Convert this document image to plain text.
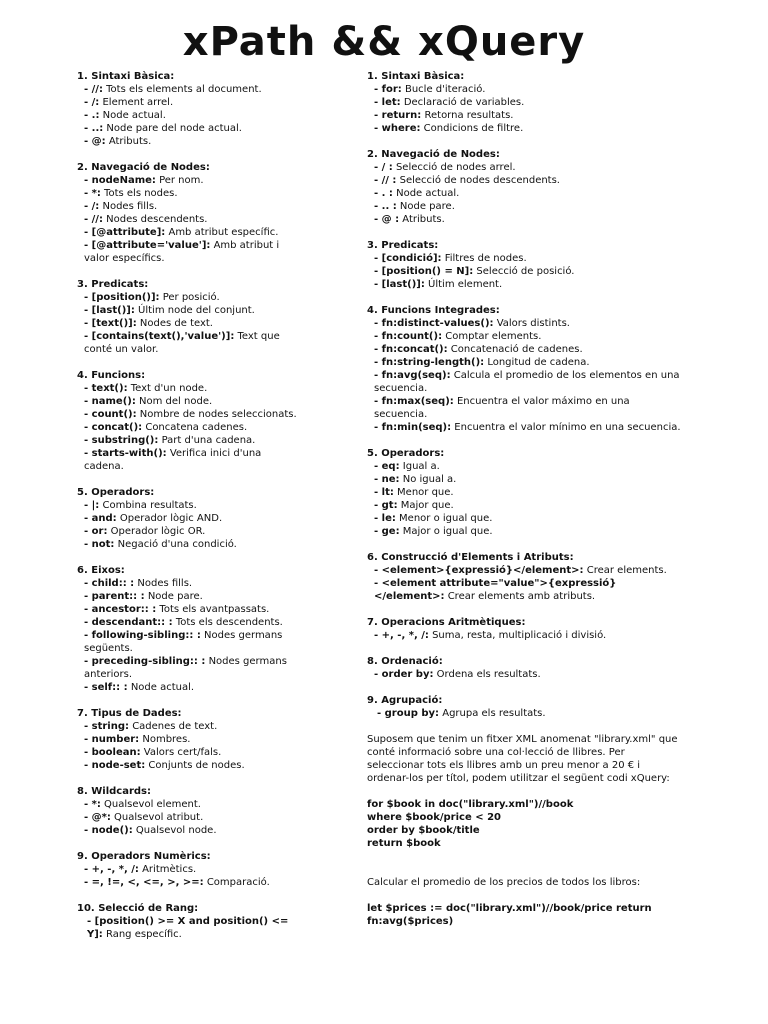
xPath && xQuery
1. Sintaxi Bàsica:
- //: Tots els elements al document.
- /: Element arrel.
- .: Node actual.
- ..: Node pare del node actual.
- @: Atributs.
2. Navegació de Nodes:
- nodeName: Per nom.
- *: Tots els nodes.
- /: Nodes fills.
- //: Nodes descendents.
- [@attribute]: Amb atribut específic.
- [@attribute='value']: Amb atribut i valor específics.
3. Predicats:
- [position()]: Per posició.
- [last()]: Últim node del conjunt.
- [text()]: Nodes de text.
- [contains(text(),'value')]: Text que conté un valor.
4. Funcions:
- text(): Text d'un node.
- name(): Nom del node.
- count(): Nombre de nodes seleccionats.
- concat(): Concatena cadenes.
- substring(): Part d'una cadena.
- starts-with(): Verifica inici d'una cadena.
5. Operadors:
- |: Combina resultats.
- and: Operador lògic AND.
- or: Operador lògic OR.
- not: Negació d'una condició.
6. Eixos:
- child:: : Nodes fills.
- parent:: : Node pare.
- ancestor:: : Tots els avantpassats.
- descendant:: : Tots els descendents.
- following-sibling:: : Nodes germans següents.
- preceding-sibling:: : Nodes germans anteriors.
- self:: : Node actual.
7. Tipus de Dades:
- string: Cadenes de text.
- number: Nombres.
- boolean: Valors cert/fals.
- node-set: Conjunts de nodes.
8. Wildcards:
- *: Qualsevol element.
- @*: Qualsevol atribut.
- node(): Qualsevol node.
9. Operadors Numèrics:
- +, -, *, /: Aritmètics.
- =, !=, <, <=, >, >=: Comparació.
10. Selecció de Rang:
- [position() >= X and position() <= Y]: Rang específic.
1. Sintaxi Bàsica:
- for: Bucle d'iteració.
- let: Declaració de variables.
- return: Retorna resultats.
- where: Condicions de filtre.
2. Navegació de Nodes:
- / : Selecció de nodes arrel.
- // : Selecció de nodes descendents.
- . : Node actual.
- .. : Node pare.
- @ : Atributs.
3. Predicats:
- [condició]: Filtres de nodes.
- [position() = N]: Selecció de posició.
- [last()]: Últim element.
4. Funcions Integrades:
- fn:distinct-values(): Valors distints.
- fn:count(): Comptar elements.
- fn:concat(): Concatenació de cadenes.
- fn:string-length(): Longitud de cadena.
- fn:avg(seq): Calcula el promedio de los elementos en una secuencia.
- fn:max(seq): Encuentra el valor máximo en una secuencia.
- fn:min(seq): Encuentra el valor mínimo en una secuencia.
5. Operadors:
- eq: Igual a.
- ne: No igual a.
- lt: Menor que.
- gt: Major que.
- le: Menor o igual que.
- ge: Major o igual que.
6. Construcció d'Elements i Atributs:
- <element>{expressió}</element>: Crear elements.
- <element attribute="value">{expressió}</element>: Crear elements amb atributs.
7. Operacions Aritmètiques:
- +, -, *, /: Suma, resta, multiplicació i divisió.
8. Ordenació:
- order by: Ordena els resultats.
9. Agrupació:
- group by: Agrupa els resultats.
Suposem que tenim un fitxer XML anomenat "library.xml" que conté informació sobre una col·lecció de llibres. Per seleccionar tots els llibres amb un preu menor a 20 € i ordenar-los per títol, podem utilitzar el següent codi xQuery:
for $book in doc("library.xml")//book
where $book/price < 20
order by $book/title
return $book
Calcular el promedio de los precios de todos los libros:
let $prices := doc("library.xml")//book/price return fn:avg($prices)
